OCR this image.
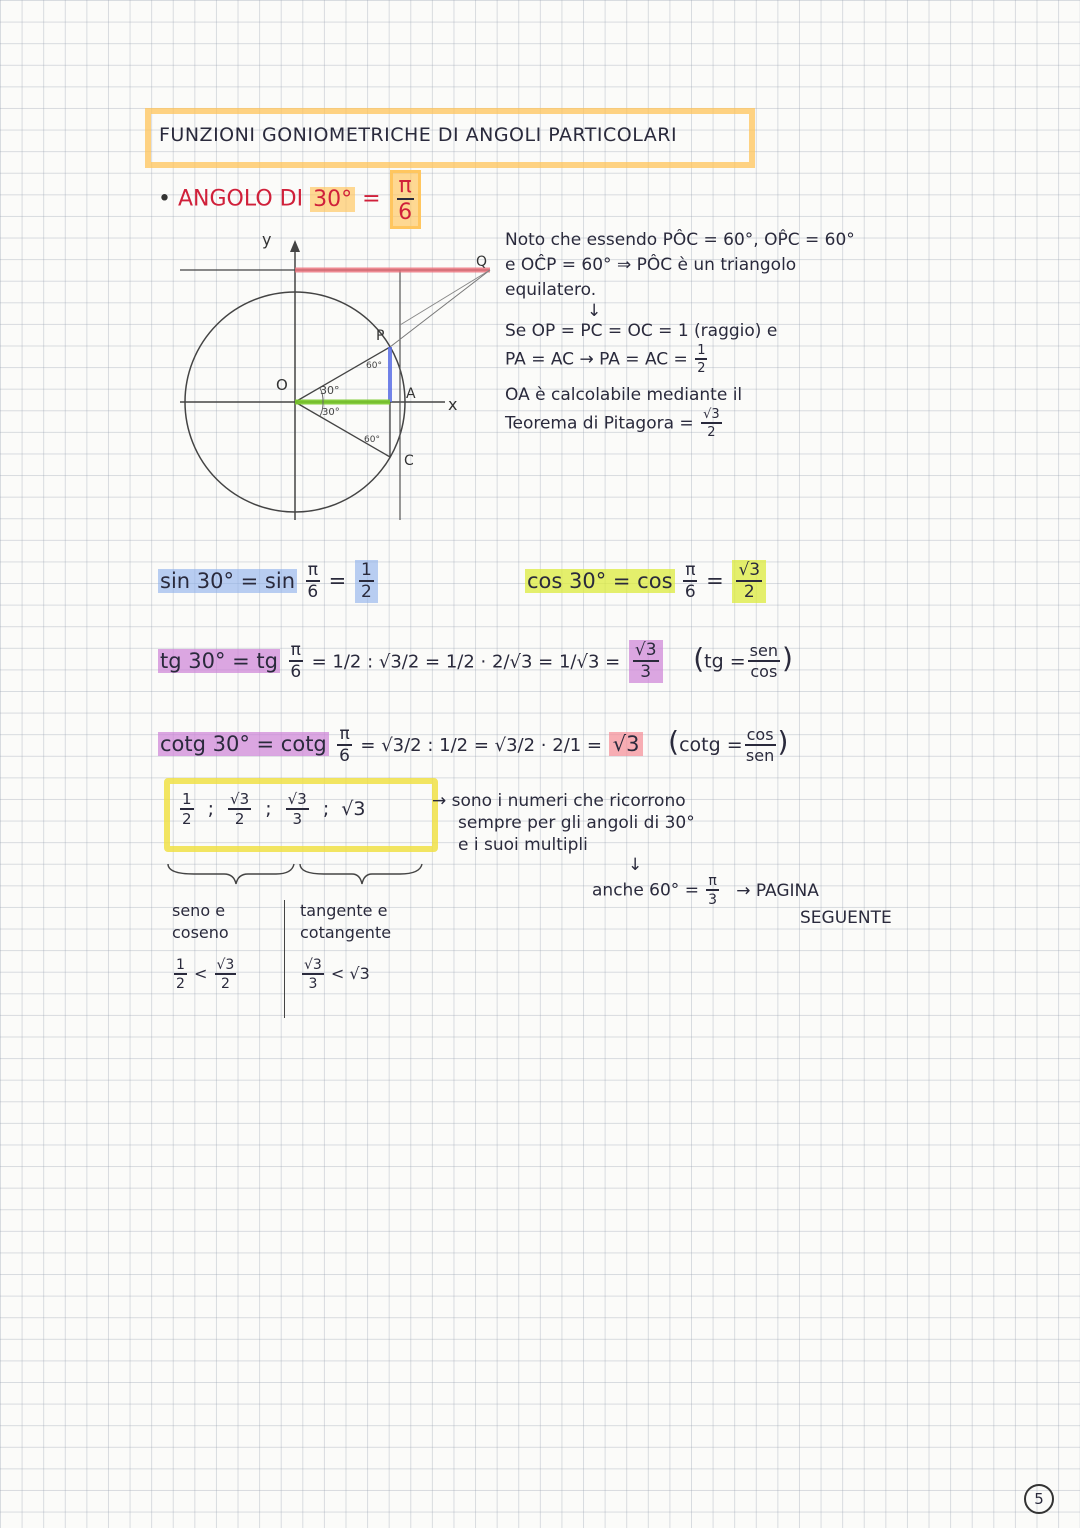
FUNZIONI GONIOMETRICHE DI ANGOLI PARTICOLARI
• ANGOLO DI $30^\circ = \frac{\pi}{6}$
y
x
O
P
A
C
Q
30°
30°
60°
60°
Noto che essendo PÔC = 60°, OP̂C = 60°
e OĈP = 60° ⇒ PÔC è un triangolo
equilatero.
↓
Se OP = PC = OC = 1 (raggio) e
PA = AC → PA = AC = $\frac{1}{2}$
OA è calcolabile mediante il
Teorema di Pitagora = $\frac{√3}{2}$
$\sin 30^\circ = \sin \frac{\pi}{6} = \frac{1}{2}$	$\cos 30^\circ = \cos \frac{\pi}{6} = \frac{√3}{2}$
tg 30° = tg $\frac{\pi}{6} = 1/2$ : $√3/2 = 1/2 \cdot 2/√3 = 1/√3 = \frac{√3}{3} (tg = \frac{\text{sen}}{\cos}$ )
cotg 30° = cotg $\frac{\pi}{6} = √3/2$ : 1/2 = √3/2 · 2/1 = √3 ($\cot g = \frac{\cos}{\text{sen}}$ )
$\frac{1}{2}$ ; $\frac{√3}{2}$ ; $\frac{√3}{3}$ ; √3	→ sono i numeri che ricorrono
sempre per gli angoli di 30°
e i suoi multipli
↓
anche $60^\circ = \frac{\pi}{3}$ → PAGINA
SEGUENTE
seno e
coseno
$\frac{1}{2} < \frac{√3}{2}$
tangente e
cotangente
$\frac{√3}{3} < √3$
5
